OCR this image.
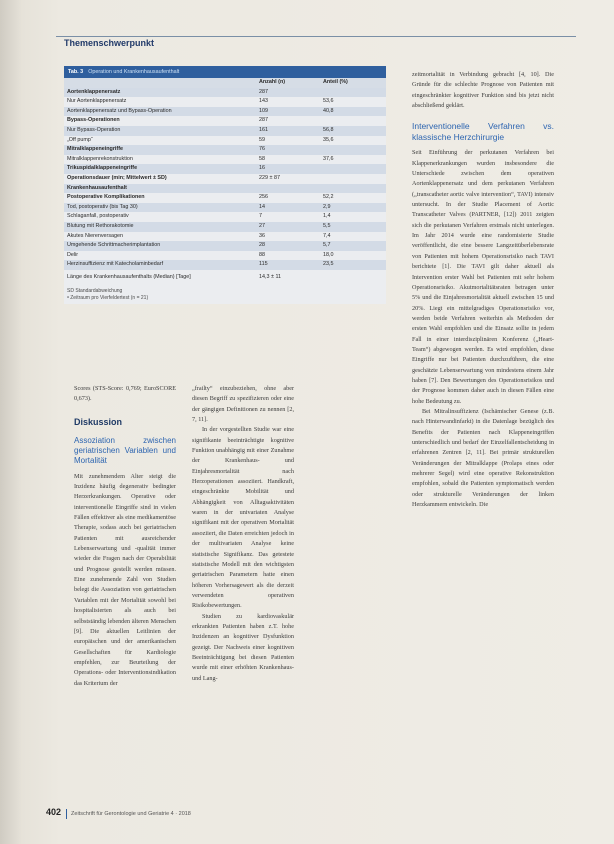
Themenschwerpunkt
Tab. 3 Operation und Krankenhausaufenthalt
	Anzahl (n)	Anteil (%)
Aortenklappenersatz	287	
Nur Aortenklappenersatz	143	53,6
Aortenklappenersatz und Bypass-Operation	109	40,8
Bypass-Operationen	287	
Nur Bypass-Operation	161	56,8
„Off pump“	59	35,6
Mitralklappeneingriffe	76	
Mitralklappenrekonstruktion	58	37,6
Trikuspidalklappeneingriffe	16	
Operationsdauer (min; Mittelwert ± SD)	229 ± 87	
Krankenhausaufenthalt		
Postoperative Komplikationen	256	52,2
Tod, postoperativ (bis Tag 30)	14	2,9
Schlaganfall, postoperativ	7	1,4
Blutung mit Rethorakotomie	27	5,5
Akutes Nierenversagen	36	7,4
Umgehende Schrittmacherimplantation	28	5,7
Delir	88	18,0
Herzinsuffizienz mit Katecholaminbedarf	115	23,5
Länge des Krankenhausaufenthalts (Median) [Tage]	14,3 ± 11	
SD Standardabweichung
ᵃ Zeitraum pro Vierfeldertest (n = 21)

Scores (STS-Score: 0,769; EuroSCORE 0,673).

Diskussion
Assoziation zwischen geriatrischen Variablen und Mortalität

Mit zunehmendem Alter steigt die Inzidenz häufig degenerativ bedingter Herzerkrankungen. Operative oder interventionelle Eingriffe sind in vielen Fällen effektiver als eine medikamentöse Therapie, sodass auch bei geriatrischen Patienten mit ausreichender Lebenserwartung und -qualität immer wieder die Fragen nach der Operabilität und Prognose gestellt werden müssen. Eine zunehmende Zahl von Studien belegt die Assoziation von geriatrischen Variablen mit der Mortalität sowohl bei hospitalisierten als auch bei selbstständig lebenden älteren Menschen [9]. Die aktuellen Leitlinien der europäischen und der amerikanischen Gesellschaften für Kardiologie empfehlen, zur Beurteilung der Operations- oder Interventionsindikation das Kriterium der

„frailty“ einzubeziehen, ohne aber diesen Begriff zu spezifizieren oder eine der gängigen Definitionen zu nennen [2, 7, 11].

In der vorgestellten Studie war eine signifikante beeinträchtigte kognitive Funktion unabhängig mit einer Zunahme der Krankenhaus- und Einjahresmortalität nach Herzoperationen assoziiert. Handkraft, eingeschränkte Mobilität und Abhängigkeit von Alltagsaktivitäten waren in der univariaten Analyse signifikant mit der operativen Mortalität assoziiert, die Daten erreichten jedoch in der multivariaten Analyse keine statistische Signifikanz. Das getestete statistische Modell mit den wichtigsten geriatrischen Parametern hatte einen höheren Vorhersagewert als die derzeit verwendeten operativen Risikobewertungen.

Studien zu kardiovaskulär erkrankten Patienten haben z.T. hohe Inzidenzen an kognitiver Dysfunktion gezeigt. Der Nachweis einer kognitiven Beeinträchtigung bei diesen Patienten wurde mit einer erhöhten Krankenhaus- und Lang-

zeitmortalität in Verbindung gebracht [4, 10]. Die Gründe für die schlechte Prognose von Patienten mit eingeschränkter kognitiver Funktion sind bis jetzt nicht abschließend geklärt.

Interventionelle Verfahren vs. klassische Herzchirurgie

Seit Einführung der perkutanen Verfahren bei Klappenerkrankungen wurden insbesondere die Unterschiede zwischen dem operativen Aortenklappenersatz und dem perkutanen Verfahren („transcatheter aortic valve intervention“, TAVI) intensiv untersucht. In der Studie Placement of Aortic Transcatheter Valves (PARTNER, [12]) 2011 zeigten sich die perkutanen Verfahren erstmals nicht unterlegen. Im Jahr 2014 wurde eine randomisierte Studie veröffentlicht, die eine bessere Langzeitüberlebensrate von Patienten mit hohem Operationsrisiko nach TAVI berichtete [1]. Die TAVI gilt daher aktuell als Intervention erster Wahl bei Patienten mit sehr hohem Operationsrisiko. Akutmortalitätsraten betragen unter 5% und die Einjahresmortalität aktuell zwischen 15 und 20%. Liegt ein mittelgradiges Operationsrisiko vor, werden beide Verfahren weiterhin als Methoden der ersten Wahl empfohlen und die Einsatz sollte in jedem Fall in einer interdisziplinären Konferenz („Heart-Team“) abgewogen werden. Es wird empfohlen, diese Eingriffe nur bei Patienten durchzuführen, die eine geschätzte Lebenserwartung von mindestens einem Jahr haben [7]. Den Bewertungen des Operationsrisikos und der Prognose kommen daher auch in diesen Fällen eine hohe Bedeutung zu.

Bei Mitralinsuffizienz (Ischämischer Genese (z.B. nach Hinterwandinfarkt) in die Datenlage bezüglich des Benefits der Patienten nach Klappeneingriffen unterschiedlich und bedarf der Einzelfallentscheidung in erfahrenen Zentren [2, 11]. Bei primär strukturellen Veränderungen der Mitralklappe (Prolaps eines oder mehrerer Segel) wird eine operative Rekonstruktion empfohlen, sobald die Patienten symptomatisch werden oder strukturelle Veränderungen der linken Herzkammern entwickeln. Die

402 Zeitschrift für Gerontologie und Geriatrie 4 · 2018
